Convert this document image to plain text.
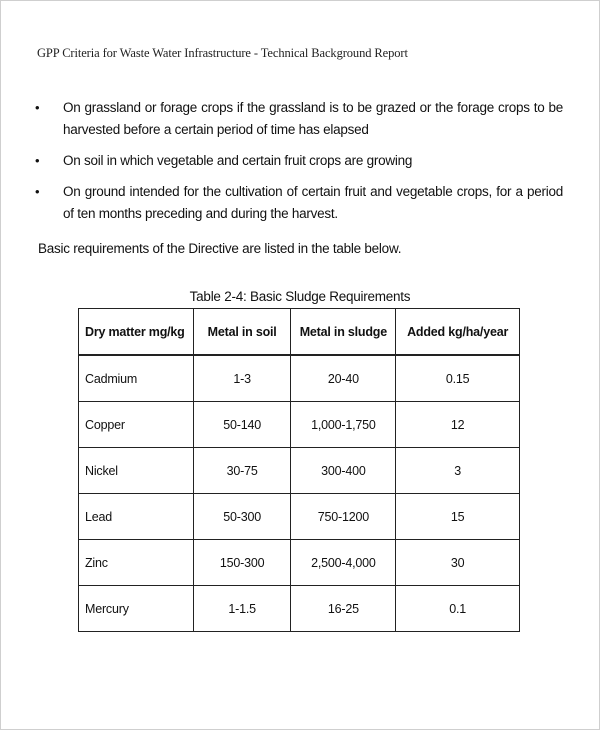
GPP Criteria for Waste Water Infrastructure - Technical Background Report
• On grassland or forage crops if the grassland is to be grazed or the forage crops to be harvested before a certain period of time has elapsed
• On soil in which vegetable and certain fruit crops are growing
• On ground intended for the cultivation of certain fruit and vegetable crops, for a period of ten months preceding and during the harvest.
Basic requirements of the Directive are listed in the table below.
Table 2-4: Basic Sludge Requirements
Dry matter mg/kg	Metal in soil	Metal in sludge	Added kg/ha/year
Cadmium	1-3	20-40	0.15
Copper	50-140	1,000-1,750	12
Nickel	30-75	300-400	3
Lead	50-300	750-1200	15
Zinc	150-300	2,500-4,000	30
Mercury	1-1.5	16-25	0.1
